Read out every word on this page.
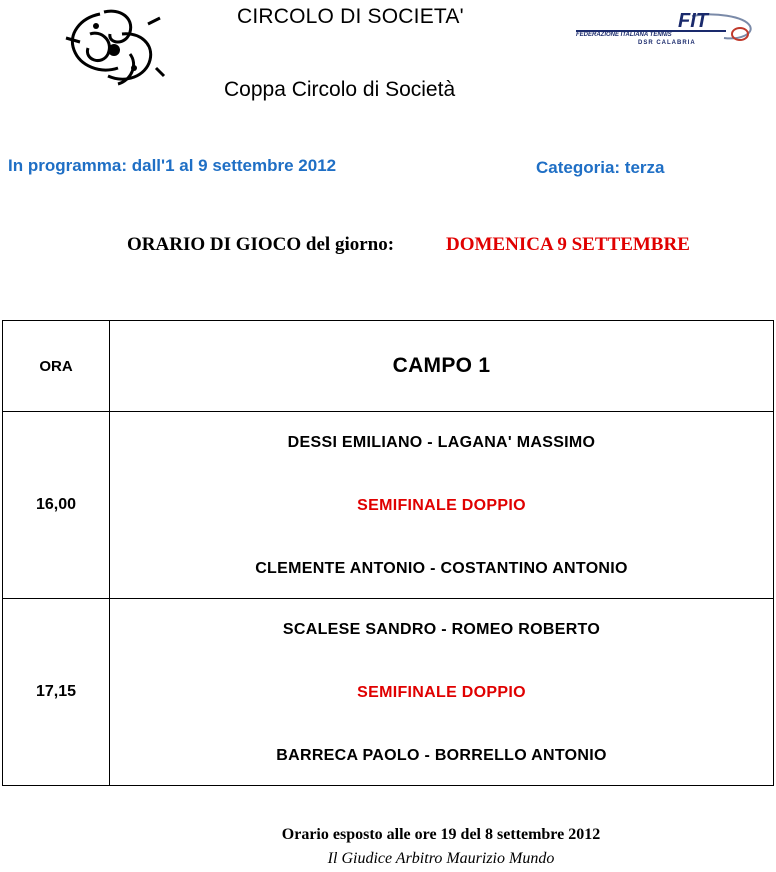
FIT
FEDERAZIONE ITALIANA TENNIS
DSR CALABRIA
CIRCOLO DI SOCIETA'
Coppa Circolo di Società
In programma: dall'1 al 9 settembre 2012	Categoria: terza
ORARIO DI GIOCO del giorno:	DOMENICA 9 SETTEMBRE
ORA	CAMPO 1
16,00	DESSI EMILIANO - LAGANA' MASSIMO
SEMIFINALE DOPPIO
CLEMENTE ANTONIO - COSTANTINO ANTONIO

17,15	SCALESE SANDRO - ROMEO ROBERTO
SEMIFINALE DOPPIO
BARRECA PAOLO - BORRELLO ANTONIO
Orario esposto alle ore 19 del 8 settembre 2012
Il Giudice Arbitro Maurizio Mundo
